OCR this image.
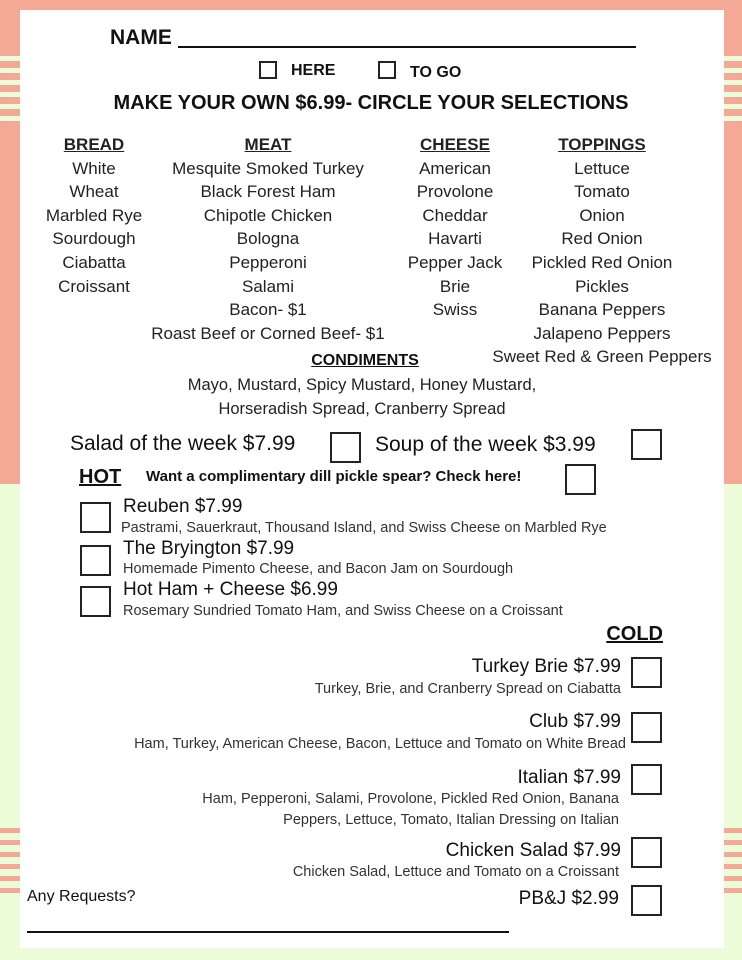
NAME
HERE	TO GO
MAKE YOUR OWN $6.99- CIRCLE YOUR SELECTIONS
BREAD
White
Wheat
Marbled Rye
Sourdough
Ciabatta
Croissant
MEAT
Mesquite Smoked Turkey
Black Forest Ham
Chipotle Chicken
Bologna
Pepperoni
Salami
Bacon- $1
Roast Beef or Corned Beef- $1
CHEESE
American
Provolone
Cheddar
Havarti
Pepper Jack
Brie
Swiss
TOPPINGS
Lettuce
Tomato
Onion
Red Onion
Pickled Red Onion
Pickles
Banana Peppers
Jalapeno Peppers
Sweet Red & Green Peppers
CONDIMENTS
Mayo, Mustard, Spicy Mustard, Honey Mustard,
Horseradish Spread, Cranberry Spread
Salad of the week $7.99	Soup of the week $3.99
HOT Want a complimentary dill pickle spear? Check here!
Reuben $7.99
Pastrami, Sauerkraut, Thousand Island, and Swiss Cheese on Marbled Rye
The Bryington $7.99
Homemade Pimento Cheese, and Bacon Jam on Sourdough
Hot Ham + Cheese $6.99
Rosemary Sundried Tomato Ham, and Swiss Cheese on a Croissant
COLD
Turkey Brie $7.99
Turkey, Brie, and Cranberry Spread on Ciabatta
Club $7.99
Ham, Turkey, American Cheese, Bacon, Lettuce and Tomato on White Bread
Italian $7.99
Ham, Pepperoni, Salami, Provolone, Pickled Red Onion, Banana
Peppers, Lettuce, Tomato, Italian Dressing on Italian
Chicken Salad $7.99
Chicken Salad, Lettuce and Tomato on a Croissant
PB&J $2.99
Any Requests?
